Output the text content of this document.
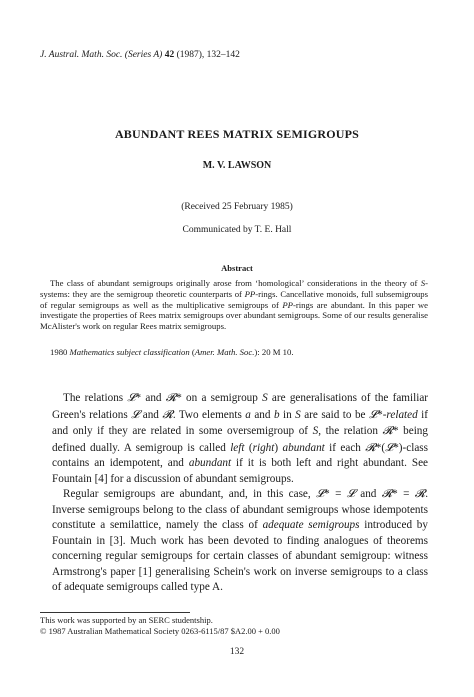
J. Austral. Math. Soc. (Series A) 42 (1987), 132–142
ABUNDANT REES MATRIX SEMIGROUPS
M. V. LAWSON
(Received 25 February 1985)
Communicated by T. E. Hall
Abstract
The class of abundant semigroups originally arose from ‘homological’ considerations in the theory of S-systems: they are the semigroup theoretic counterparts of PP-rings. Cancellative monoids, full subsemigroups of regular semigroups as well as the multiplicative semigroups of PP-rings are abundant. In this paper we investigate the properties of Rees matrix semigroups over abundant semigroups. Some of our results generalise McAlister's work on regular Rees matrix semigroups.
1980 Mathematics subject classification (Amer. Math. Soc.): 20 M 10.
The relations 𝓛* and 𝓡* on a semigroup S are generalisations of the familiar Green's relations 𝓛 and 𝓡. Two elements a and b in S are said to be 𝓛*-related if and only if they are related in some oversemigroup of S, the relation 𝓡* being defined dually. A semigroup is called left (right) abundant if each 𝓡*(𝓛*)-class contains an idempotent, and abundant if it is both left and right abundant. See Fountain [4] for a discussion of abundant semigroups.
Regular semigroups are abundant, and, in this case, 𝓛* = 𝓛 and 𝓡* = 𝓡. Inverse semigroups belong to the class of abundant semigroups whose idempotents constitute a semilattice, namely the class of adequate semigroups introduced by Fountain in [3]. Much work has been devoted to finding analogues of theorems concerning regular semigroups for certain classes of abundant semigroup: witness Armstrong's paper [1] generalising Schein's work on inverse semigroups to a class of adequate semigroups called type A.
This work was supported by an SERC studentship.
© 1987 Australian Mathematical Society 0263-6115/87 $A2.00 + 0.00
132
